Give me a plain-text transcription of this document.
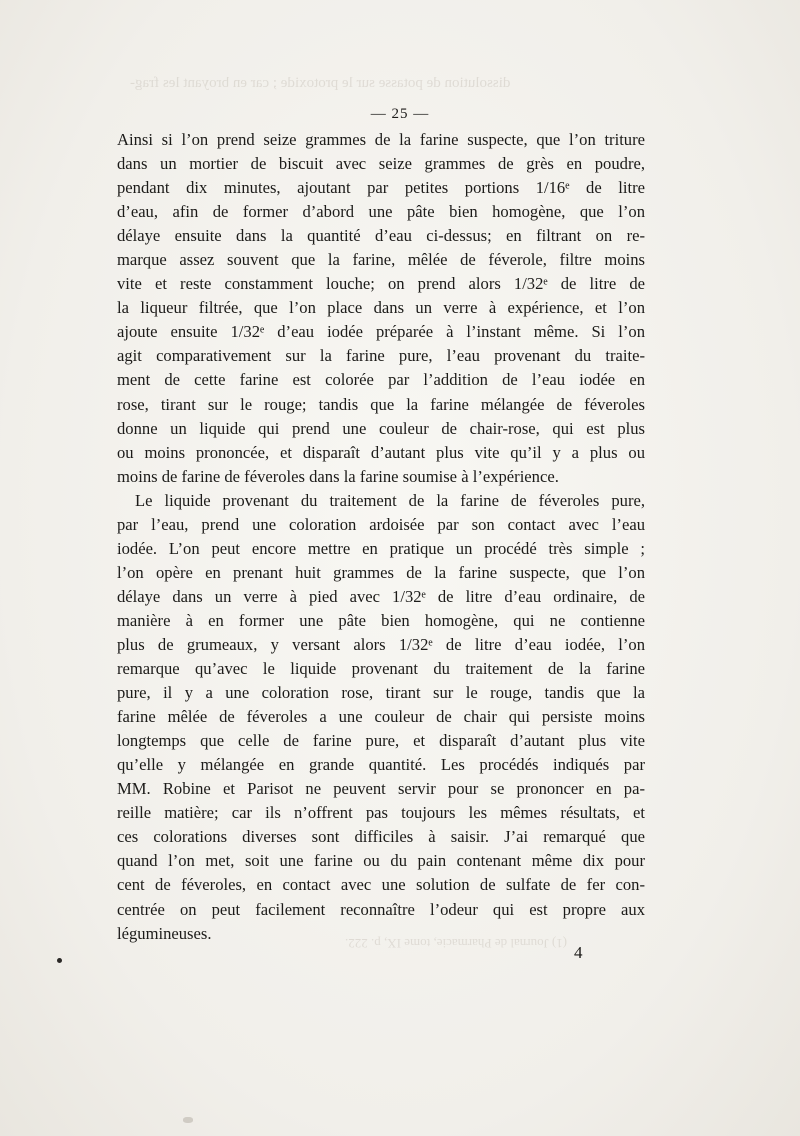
dissolution de potasse sur le protoxide ; car en broyant les frag-
(1) Journal de Pharmacie, tome IX, p. 222.
— 25 —
Ainsi si l’on prend seize grammes de la farine suspecte, que l’on triture
dans un mortier de biscuit avec seize grammes de grès en poudre,
pendant dix minutes, ajoutant par petites portions 1/16ᵉ de litre
d’eau, afin de former d’abord une pâte bien homogène, que l’on
délaye ensuite dans la quantité d’eau ci-dessus; en filtrant on re-
marque assez souvent que la farine, mêlée de féverole, filtre moins
vite et reste constamment louche; on prend alors 1/32ᵉ de litre de
la liqueur filtrée, que l’on place dans un verre à expérience, et l’on
ajoute ensuite 1/32ᵉ d’eau iodée préparée à l’instant même. Si l’on
agit comparativement sur la farine pure, l’eau provenant du traite-
ment de cette farine est colorée par l’addition de l’eau iodée en
rose, tirant sur le rouge; tandis que la farine mélangée de féveroles
donne un liquide qui prend une couleur de chair-rose, qui est plus
ou moins prononcée, et disparaît d’autant plus vite qu’il y a plus ou
moins de farine de féveroles dans la farine soumise à l’expérience.
Le liquide provenant du traitement de la farine de féveroles pure,
par l’eau, prend une coloration ardoisée par son contact avec l’eau
iodée. L’on peut encore mettre en pratique un procédé très simple ;
l’on opère en prenant huit grammes de la farine suspecte, que l’on
délaye dans un verre à pied avec 1/32ᵉ de litre d’eau ordinaire, de
manière à en former une pâte bien homogène, qui ne contienne
plus de grumeaux, y versant alors 1/32ᵉ de litre d’eau iodée, l’on
remarque qu’avec le liquide provenant du traitement de la farine
pure, il y a une coloration rose, tirant sur le rouge, tandis que la
farine mêlée de féveroles a une couleur de chair qui persiste moins
longtemps que celle de farine pure, et disparaît d’autant plus vite
qu’elle y mélangée en grande quantité. Les procédés indiqués par
MM. Robine et Parisot ne peuvent servir pour se prononcer en pa-
reille matière; car ils n’offrent pas toujours les mêmes résultats, et
ces colorations diverses sont difficiles à saisir. J’ai remarqué que
quand l’on met, soit une farine ou du pain contenant même dix pour
cent de féveroles, en contact avec une solution de sulfate de fer con-
centrée on peut facilement reconnaître l’odeur qui est propre aux
légumineuses.
4
